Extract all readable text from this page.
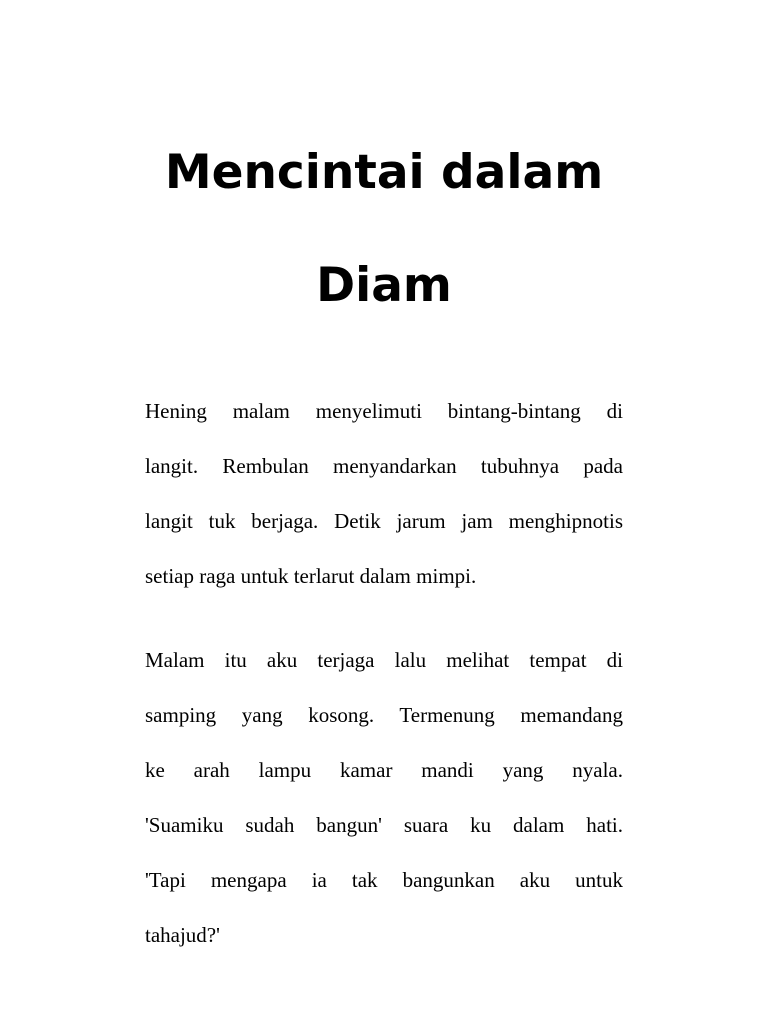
Mencintai dalam
Diam
Hening malam menyelimuti bintang-bintang di
langit. Rembulan menyandarkan tubuhnya pada
langit tuk berjaga. Detik jarum jam menghipnotis
setiap raga untuk terlarut dalam mimpi.
Malam itu aku terjaga lalu melihat tempat di
samping yang kosong. Termenung memandang
ke arah lampu kamar mandi yang nyala.
'Suamiku sudah bangun' suara ku dalam hati.
'Tapi mengapa ia tak bangunkan aku untuk
tahajud?'
